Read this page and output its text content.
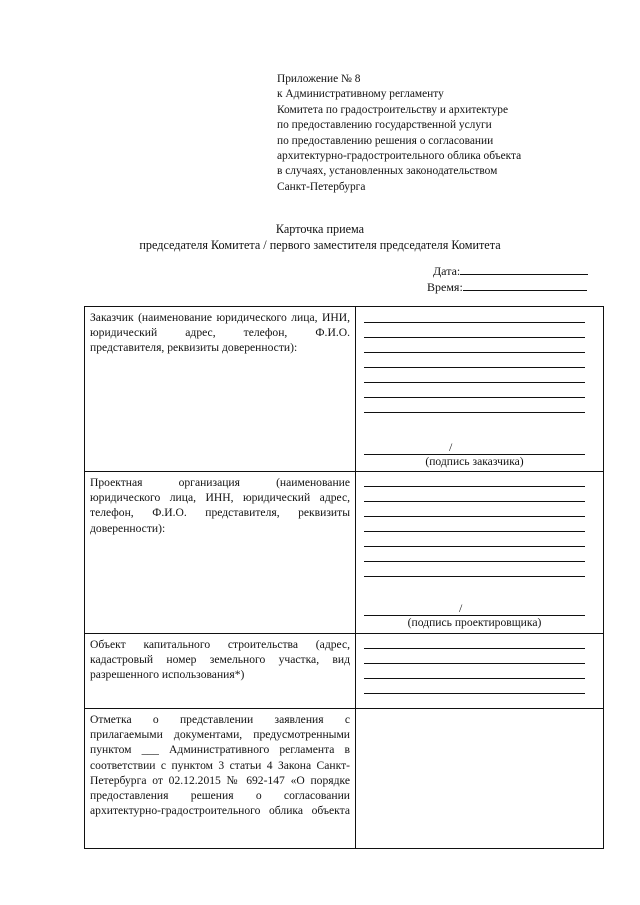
Приложение № 8
к Административному регламенту
Комитета по градостроительству и архитектуре
по предоставлению государственной услуги
по предоставлению решения о согласовании
архитектурно-градостроительного облика объекта
в случаях, установленных законодательством
Санкт-Петербурга
Карточка приема
председателя Комитета / первого заместителя председателя Комитета
Дата:
Время:
Заказчик (наименование юридического лица, ИНИ, юридический адрес, телефон, Ф.И.О. представителя, реквизиты доверенности):	/
(подпись заказчика)

Проектная организация (наименование юридического лица, ИНН, юридический адрес, телефон, Ф.И.О. представителя, реквизиты доверенности):	/
(подпись проектировщика)

Объект капитального строительства (адрес, кадастровый номер земельного участка, вид разрешенного использования*)	

Отметка о представлении заявления с прилагаемыми документами, предусмотренными пунктом ___ Административного регламента в соответствии с пунктом 3 статьи 4 Закона Санкт-Петербурга от 02.12.2015 № 692-147 «О порядке предоставления решения о согласовании архитектурно-градостроительного облика объекта	
